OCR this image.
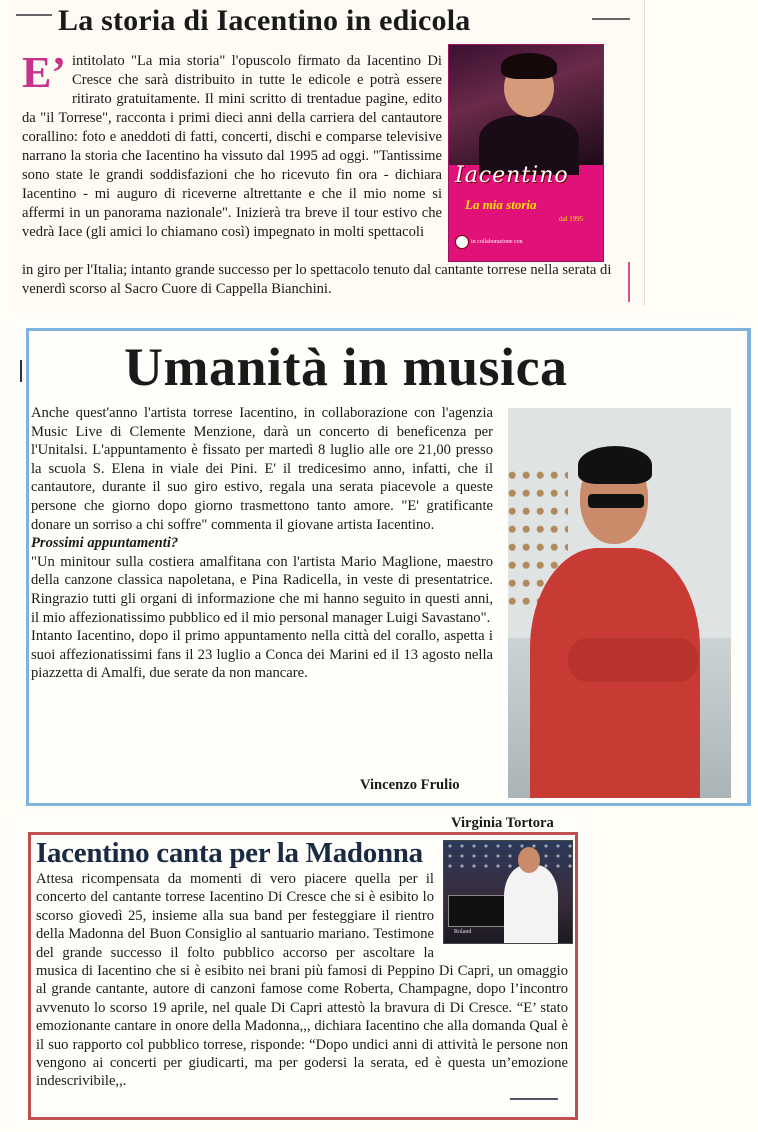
La storia di Iacentino in edicola
E’ intitolato "La mia storia" l'opuscolo firmato da Iacentino Di Cresce che sarà distribuito in tutte le edicole e potrà essere ritirato gratuitamente. Il mini scritto di trentadue pagine, edito da "il Torrese", racconta i primi dieci anni della carriera del cantautore corallino: foto e aneddoti di fatti, concerti, dischi e comparse televisive narrano la storia che Iacentino ha vissuto dal 1995 ad oggi. "Tantissime sono state le grandi soddisfazioni che ho ricevuto fin ora - dichiara Iacentino - mi auguro di riceverne altrettante e che il mio nome si affermi in un panorama nazionale". Inizierà tra breve il tour estivo che vedrà Iace (gli amici lo chiamano così) impegnato in molti spettacoli
in giro per l'Italia; intanto grande successo per lo spettacolo tenuto dal cantante torrese nella serata di venerdì scorso al Sacro Cuore di Cappella Bianchini.
Iacentino
La mia storia
dal 1995
in collaborazione con
Umanità in musica
Anche quest'anno l'artista torrese Iacentino, in collaborazione con l'agenzia Music Live di Clemente Menzione, darà un concerto di beneficenza per l'Unitalsi. L'appuntamento è fissato per martedì 8 luglio alle ore 21,00 presso la scuola S. Elena in viale dei Pini. E' il tredicesimo anno, infatti, che il cantautore, durante il suo giro estivo, regala una serata piacevole a queste persone che giorno dopo giorno trasmettono tanto amore. "E' gratificante donare un sorriso a chi soffre" commenta il giovane artista Iacentino.
Prossimi appuntamenti?
"Un minitour sulla costiera amalfitana con l'artista Mario Maglione, maestro della canzone classica napoletana, e Pina Radicella, in veste di presentatrice. Ringrazio tutti gli organi di informazione che mi hanno seguito in questi anni, il mio affezionatissimo pubblico ed il mio personal manager Luigi Savastano".
Intanto Iacentino, dopo il primo appuntamento nella città del corallo, aspetta i suoi affezionatissimi fans il 23 luglio a Conca dei Marini ed il 13 agosto nella piazzetta di Amalfi, due serate da non mancare.
Vincenzo Frulio
Virginia Tortora
Iacentino canta per la Madonna
Roland
Attesa ricompensata da momenti di vero piacere quella per il concerto del cantante torrese Iacentino Di Cresce che si è esibito lo scorso giovedì 25, insieme alla sua band per festeggiare il rientro della Madonna del Buon Consiglio al santuario mariano. Testimone del grande successo il folto pubblico accorso per ascoltare la musica di Iacentino che si è esibito nei brani più famosi di Peppino Di Capri, un omaggio al grande cantante, autore di canzoni famose come Roberta, Champagne, dopo l’incontro avvenuto lo scorso 19 aprile, nel quale Di Capri attestò la bravura di Di Cresce. “E’ stato emozionante cantare in onore della Madonna,,, dichiara Iacentino che alla domanda Qual è il suo rapporto col pubblico torrese, risponde: “Dopo undici anni di attività le persone non vengono ai concerti per giudicarti, ma per godersi la serata, ed è questa un’emozione indescrivibile,,.
